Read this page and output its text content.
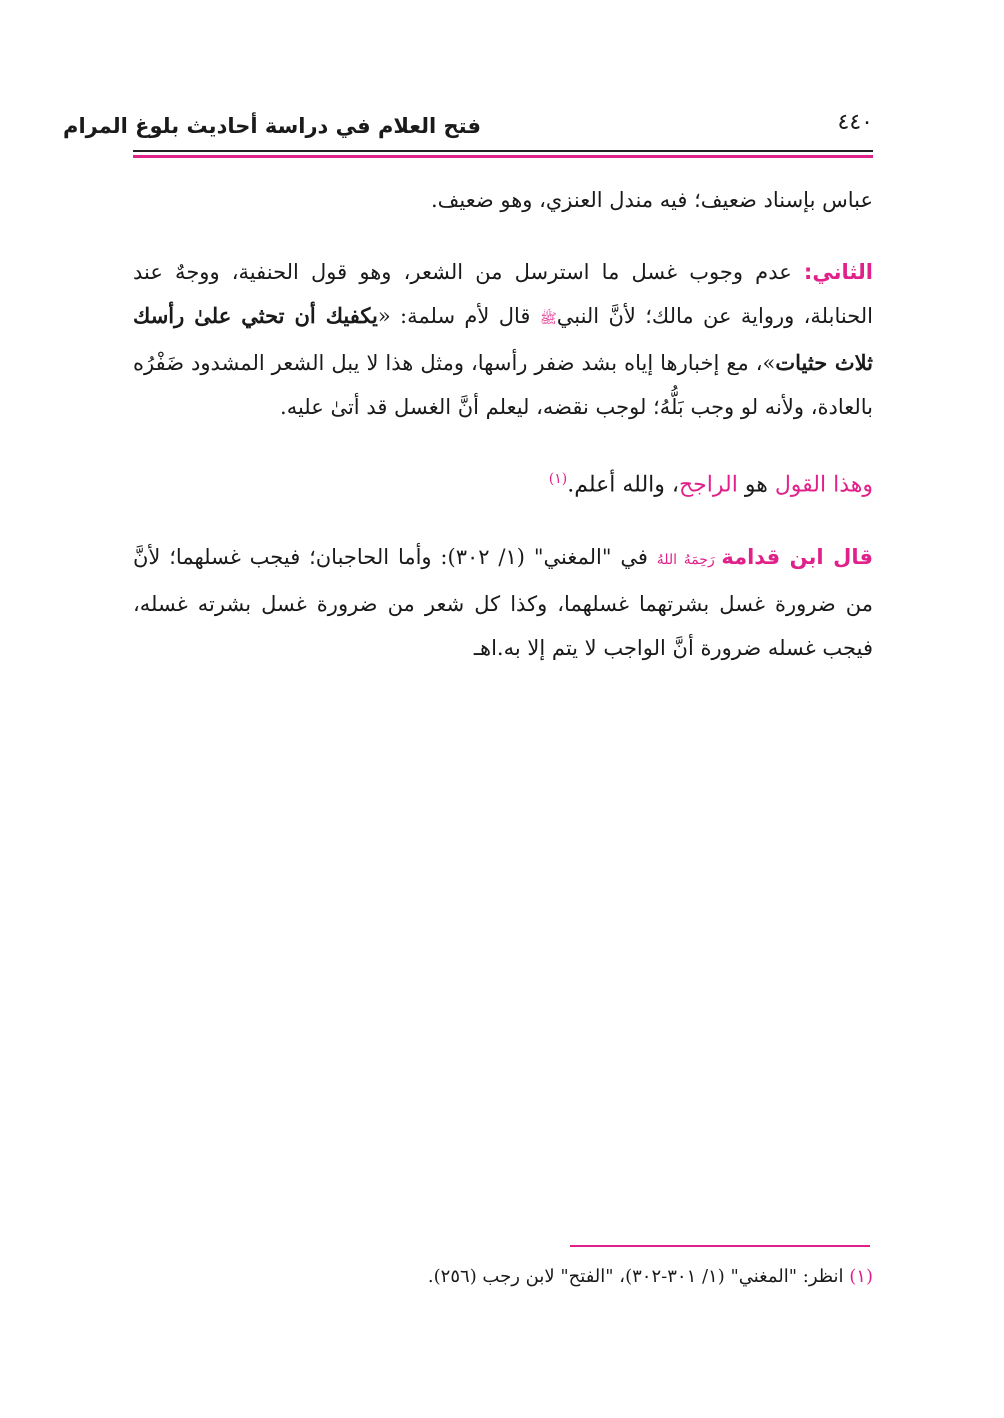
فتح العلام في دراسة أحاديث بلوغ المرام	٤٤٠

عباس بإسناد ضعيف؛ فيه مندل العنزي، وهو ضعيف.

الثاني: عدم وجوب غسل ما استرسل من الشعر، وهو قول الحنفية، ووجهٌ عند الحنابلة، ورواية عن مالك؛ لأنَّ النبيﷺ قال لأم سلمة: «يكفيك أن تحثي علىٰ رأسك ثلاث حثيات»، مع إخبارها إياه بشد ضفر رأسها، ومثل هذا لا يبل الشعر المشدود ضَفْرُه بالعادة، ولأنه لو وجب بَلُّهُ؛ لوجب نقضه، ليعلم أنَّ الغسل قد أتىٰ عليه.

وهذا القول هو الراجح، والله أعلم.$^{(١)}$

قال ابن قدامة رَحِمَهُ اللهُ في "المغني" (١/ ٣٠٢): وأما الحاجبان؛ فيجب غسلهما؛ لأنَّ من ضرورة غسل بشرتهما غسلهما، وكذا كل شعر من ضرورة غسل بشرته غسله، فيجب غسله ضرورة أنَّ الواجب لا يتم إلا به.اهـ

(١) انظر: "المغني" (١/ ٣٠١-٣٠٢)، "الفتح" لابن رجب (٢٥٦).
